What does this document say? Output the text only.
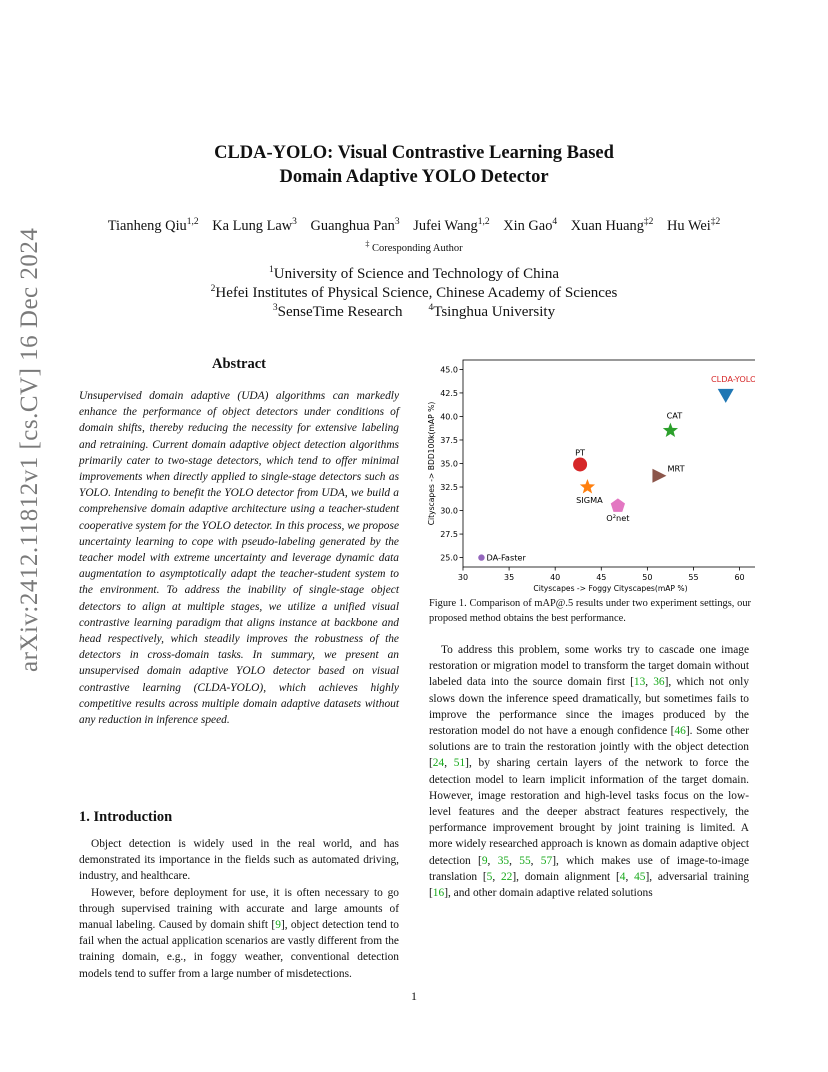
arXiv:2412.11812v1 [cs.CV] 16 Dec 2024
CLDA-YOLO: Visual Contrastive Learning Based
Domain Adaptive YOLO Detector
Tianheng Qiu$^{1,2}$ Ka Lung Law$^3$ Guanghua Pan$^3$ Jufei Wang$^{1,2}$ Xin Gao$^4$ Xuan Huang$^{\ddagger 2}$ Hu Wei$^{\ddagger 2}$
‡ Coresponding Author
$^1$University of Science and Technology of China
$^2$Hefei Institutes of Physical Science, Chinese Academy of Sciences
$^3$SenseTime Research	$^4$Tsinghua University
Abstract

Unsupervised domain adaptive (UDA) algorithms can markedly enhance the performance of object detectors under conditions of domain shifts, thereby reducing the necessity for extensive labeling and retraining. Current domain adaptive object detection algorithms primarily cater to two-stage detectors, which tend to offer minimal improvements when directly applied to single-stage detectors such as YOLO. Intending to benefit the YOLO detector from UDA, we build a comprehensive domain adaptive architecture using a teacher-student cooperative system for the YOLO detector. In this process, we propose uncertainty learning to cope with pseudo-labeling generated by the teacher model with extreme uncertainty and leverage dynamic data augmentation to asymptotically adapt the teacher-student system to the environment. To address the inability of single-stage object detectors to align at multiple stages, we utilize a unified visual contrastive learning paradigm that aligns instance at backbone and head respectively, which steadily improves the robustness of the detectors in cross-domain tasks. In summary, we present an unsupervised domain adaptive YOLO detector based on visual contrastive learning (CLDA-YOLO), which achieves highly competitive results across multiple domain adaptive datasets without any reduction in inference speed.

1. Introduction

Object detection is widely used in the real world, and has demonstrated its importance in the fields such as automated driving, industry, and healthcare.

However, before deployment for use, it is often necessary to go through supervised training with accurate and large amounts of manual labeling. Caused by domain shift [9], object detection tend to fail when the actual application scenarios are vastly different from the training domain, e.g., in foggy weather, conventional detection models tend to suffer from a large number of misdetections.

To address this problem, some works try to cascade one image restoration or migration model to transform the target domain without labeled data into the source domain first [13, 36], which not only slows down the inference speed dramatically, but sometimes fails to improve the performance since the images produced by the restoration model do not have a enough confidence [46]. Some other solutions are to train the restoration jointly with the object detection [24, 51], by sharing certain layers of the network to force the detection model to learn implicit information of the target domain. However, image restoration and high-level tasks focus on the low-level features and the deeper abstract features respectively, the performance improvement brought by joint training is limited. A more widely researched approach is known as domain adaptive object detection [9, 35, 55, 57], which makes use of image-to-image translation [5, 22], domain alignment [4, 45], adversarial training [16], and other domain adaptive related solutions

30	35	40	45	50	55	60
25.0
27.5
30.0
32.5
35.0
37.5
40.0
42.5
45.0
Cityscapes -> Foggy Cityscapes(mAP %)
Cityscapes -> BDD100k(mAP %)
DA-Faster
PT
SIGMA
O²net
MRT
CAT
CLDA-YOLO

Figure 1. Comparison of mAP@.5 results under two experiment settings, our proposed method obtains the best performance.

1
